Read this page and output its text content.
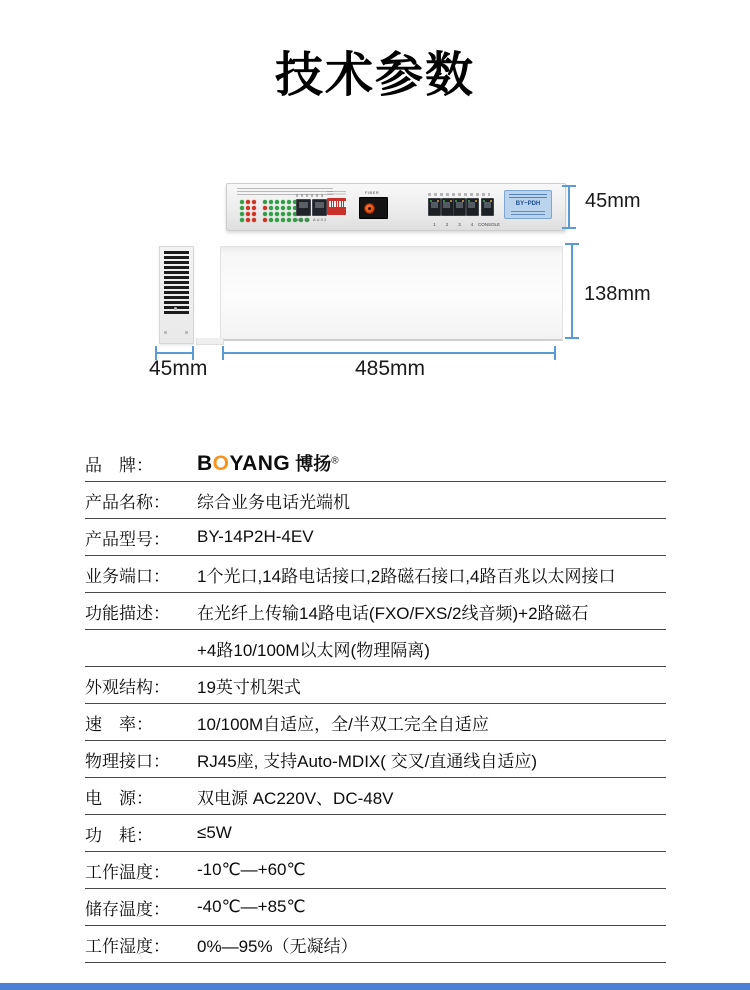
技术参数
AUX1 AUX2
FIBER
1	2	3	4	CONSOLE
BY~PDH	45mm
138mm
45mm	485mm
品　牌：	BOYANG 博扬®
产品名称：	综合业务电话光端机
产品型号：	BY-14P2H-4EV
业务端口：	1个光口,14路电话接口,2路磁石接口,4路百兆以太网接口
功能描述：	在光纤上传输14路电话(FXO/FXS/2线音频)+2路磁石
+4路10/100M以太网(物理隔离)
外观结构：	19英寸机架式
速　率：	10/100M自适应，全/半双工完全自适应
物理接口：	RJ45座, 支持Auto-MDIX( 交叉/直通线自适应)
电　源：	双电源 AC220V、DC-48V
功　耗：	≤5W
工作温度：	-10℃—+60℃
储存温度：	-40℃—+85℃
工作湿度：	0%—95%（无凝结）
